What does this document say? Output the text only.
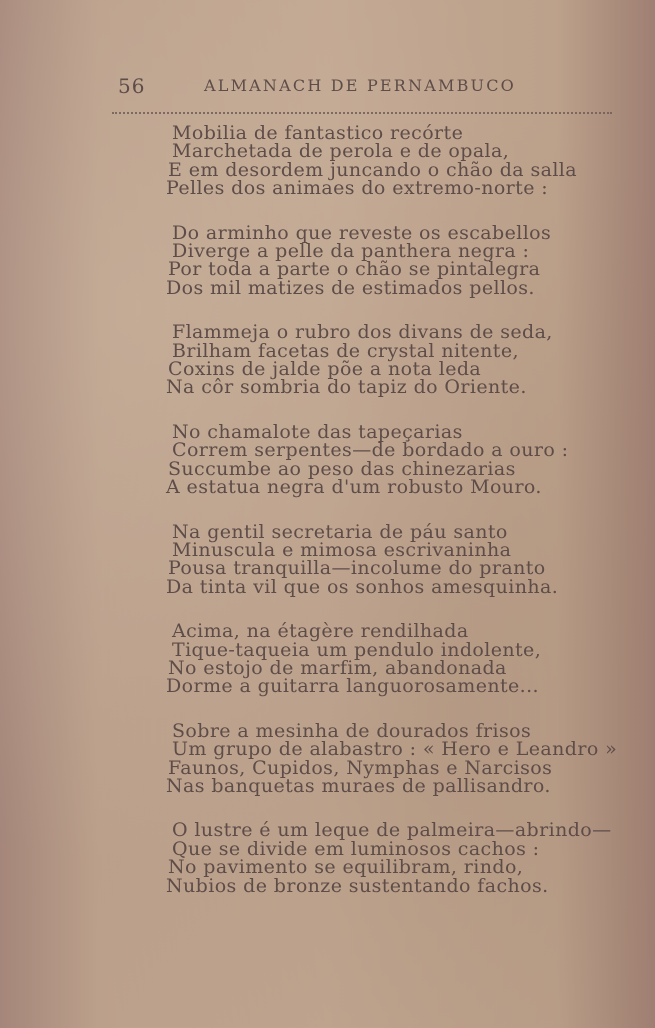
56	ALMANACH DE PERNAMBUCO
Mobilia de fantastico recórte
Marchetada de perola e de opala,
E em desordem juncando o chão da salla
Pelles dos animaes do extremo-norte :
Do arminho que reveste os escabellos
Diverge a pelle da panthera negra :
Por toda a parte o chão se pintalegra
Dos mil matizes de estimados pellos.
Flammeja o rubro dos divans de seda,
Brilham facetas de crystal nitente,
Coxins de jalde põe a nota leda
Na côr sombria do tapiz do Oriente.
No chamalote das tapeçarias
Correm serpentes—de bordado a ouro :
Succumbe ao peso das chinezarias
A estatua negra d'um robusto Mouro.
Na gentil secretaria de páu santo
Minuscula e mimosa escrivaninha
Pousa tranquilla—incolume do pranto
Da tinta vil que os sonhos amesquinha.
Acima, na étagère rendilhada
Tique-taqueia um pendulo indolente,
No estojo de marfim, abandonada
Dorme a guitarra languorosamente...
Sobre a mesinha de dourados frisos
Um grupo de alabastro : « Hero e Leandro »
Faunos, Cupidos, Nymphas e Narcisos
Nas banquetas muraes de pallisandro.
O lustre é um leque de palmeira—abrindo—
Que se divide em luminosos cachos :
No pavimento se equilibram, rindo,
Nubios de bronze sustentando fachos.
